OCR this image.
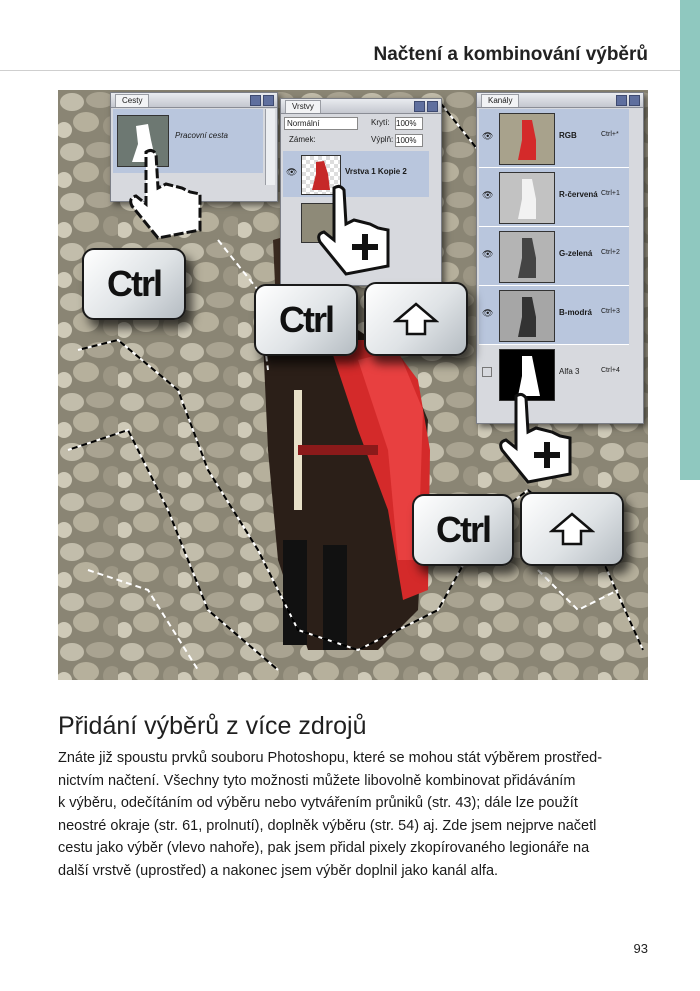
Načtení a kombinování výběrů
Cesty
Pracovní cesta
Vrstvy
Normální	Krytí: 100%
Zámek:	Výplň: 100%
👁	Vrstva 1 Kopie 2
Kanály
👁	RGB	Ctrl+*
👁	R-červená Ctrl+1
👁	G-zelená Ctrl+2
👁	B-modrá Ctrl+3
Alfa 3	Ctrl+4
Ctrl
Ctrl
Ctrl
Přidání výběrů z více zdrojů

Znáte již spoustu prvků souboru Photoshopu, které se mohou stát výběrem prostřed-
nictvím načtení. Všechny tyto možnosti můžete libovolně kombinovat přidáváním
k výběru, odečítáním od výběru nebo vytvářením průniků (str. 43); dále lze použít
neostré okraje (str. 61, prolnutí), doplněk výběru (str. 54) aj. Zde jsem nejprve načetl
cestu jako výběr (vlevo nahoře), pak jsem přidal pixely zkopírovaného legionáře na
další vrstvě (uprostřed) a nakonec jsem výběr doplnil jako kanál alfa.

93
